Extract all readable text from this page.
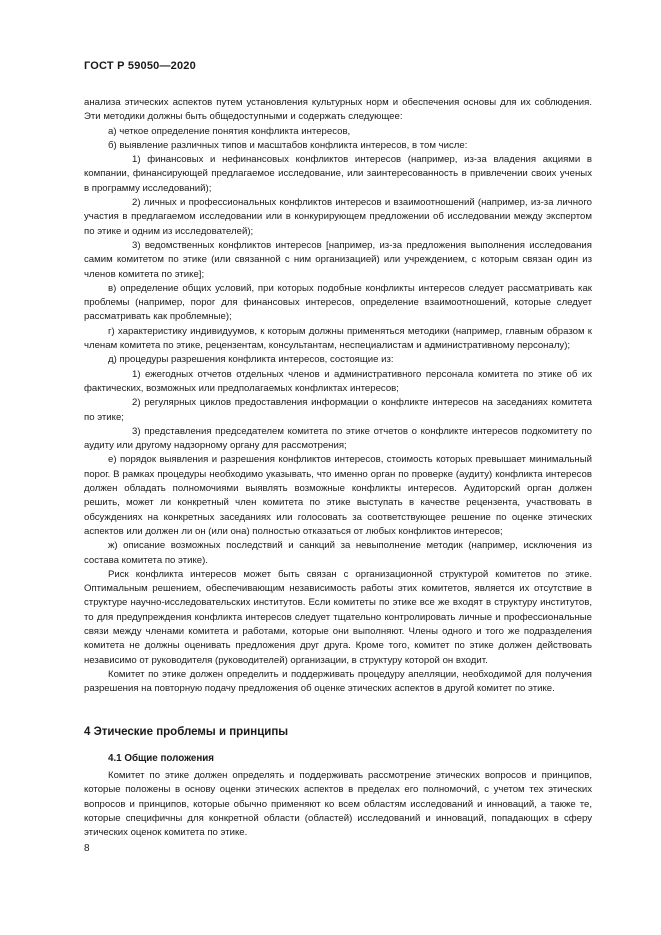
ГОСТ Р 59050—2020

анализа этических аспектов путем установления культурных норм и обеспечения основы для их соблюдения. Эти методики должны быть общедоступными и содержать следующее:

а) четкое определение понятия конфликта интересов,

б) выявление различных типов и масштабов конфликта интересов, в том числе:

1) финансовых и нефинансовых конфликтов интересов (например, из-за владения акциями в компании, финансирующей предлагаемое исследование, или заинтересованность в привлечении своих ученых в программу исследований);

2) личных и профессиональных конфликтов интересов и взаимоотношений (например, из-за личного участия в предлагаемом исследовании или в конкурирующем предложении об исследовании между экспертом по этике и одним из исследователей);

3) ведомственных конфликтов интересов [например, из-за предложения выполнения исследования самим комитетом по этике (или связанной с ним организацией) или учреждением, с которым связан один из членов комитета по этике];

в) определение общих условий, при которых подобные конфликты интересов следует рассматривать как проблемы (например, порог для финансовых интересов, определение взаимоотношений, которые следует рассматривать как проблемные);

г) характеристику индивидуумов, к которым должны применяться методики (например, главным образом к членам комитета по этике, рецензентам, консультантам, неспециалистам и административному персоналу);

д) процедуры разрешения конфликта интересов, состоящие из:

1) ежегодных отчетов отдельных членов и административного персонала комитета по этике об их фактических, возможных или предполагаемых конфликтах интересов;

2) регулярных циклов предоставления информации о конфликте интересов на заседаниях комитета по этике;

3) представления председателем комитета по этике отчетов о конфликте интересов подкомитету по аудиту или другому надзорному органу для рассмотрения;

е) порядок выявления и разрешения конфликтов интересов, стоимость которых превышает минимальный порог. В рамках процедуры необходимо указывать, что именно орган по проверке (аудиту) конфликта интересов должен обладать полномочиями выявлять возможные конфликты интересов. Аудиторский орган должен решить, может ли конкретный член комитета по этике выступать в качестве рецензента, участвовать в обсуждениях на конкретных заседаниях или голосовать за соответствующее решение по оценке этических аспектов или должен ли он (или она) полностью отказаться от любых конфликтов интересов;

ж) описание возможных последствий и санкций за невыполнение методик (например, исключения из состава комитета по этике).

Риск конфликта интересов может быть связан с организационной структурой комитетов по этике. Оптимальным решением, обеспечивающим независимость работы этих комитетов, является их отсутствие в структуре научно-исследовательских институтов. Если комитеты по этике все же входят в структуру институтов, то для предупреждения конфликта интересов следует тщательно контролировать личные и профессиональные связи между членами комитета и работами, которые они выполняют. Члены одного и того же подразделения комитета не должны оценивать предложения друг друга. Кроме того, комитет по этике должен действовать независимо от руководителя (руководителей) организации, в структуру которой он входит.

Комитет по этике должен определить и поддерживать процедуру апелляции, необходимой для получения разрешения на повторную подачу предложения об оценке этических аспектов в другой комитет по этике.

4 Этические проблемы и принципы
4.1 Общие положения

Комитет по этике должен определять и поддерживать рассмотрение этических вопросов и принципов, которые положены в основу оценки этических аспектов в пределах его полномочий, с учетом тех этических вопросов и принципов, которые обычно применяют ко всем областям исследований и инноваций, а также те, которые специфичны для конкретной области (областей) исследований и инноваций, попадающих в сферу этических оценок комитета по этике.

8
